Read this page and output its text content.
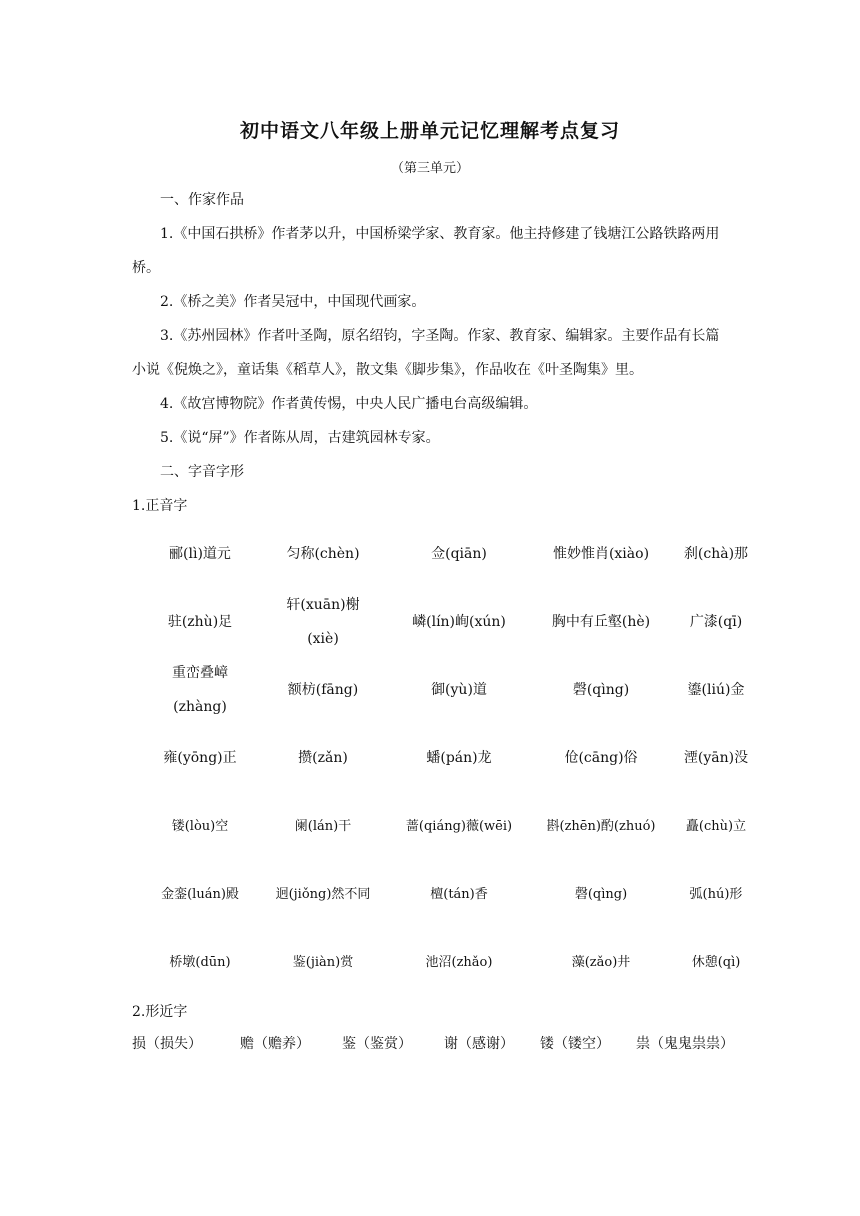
初中语文八年级上册单元记忆理解考点复习
（第三单元）
一、作家作品
1.《中国石拱桥》作者茅以升，中国桥梁学家、教育家。他主持修建了钱塘江公路铁路两用桥。
2.《桥之美》作者吴冠中，中国现代画家。
3.《苏州园林》作者叶圣陶，原名绍钧，字圣陶。作家、教育家、编辑家。主要作品有长篇小说《倪焕之》，童话集《稻草人》，散文集《脚步集》，作品收在《叶圣陶集》里。
4.《故宫博物院》作者黄传惕，中央人民广播电台高级编辑。
5.《说“屏”》作者陈从周，古建筑园林专家。
二、字音字形
1.正音字
郦(lì)道元	匀称(chèn)	佥(qiān)	惟妙惟肖(xiào)	刹(chà)那
驻(zhù)足	轩(xuān)榭(xiè)	嶙(lín)峋(xún)	胸中有丘壑(hè)	广漆(qī)
重峦叠嶂(zhàng)	额枋(fāng)	御(yù)道	磬(qìng)	鎏(liú)金
雍(yōng)正	攒(zǎn)	蟠(pán)龙	伧(cāng)俗	湮(yān)没
镂(lòu)空	阑(lán)干	蔷(qiáng)薇(wēi)	斟(zhēn)酌(zhuó)	矗(chù)立
金銮(luán)殿	迥(jiǒng)然不同	檀(tán)香	磬(qìng)	弧(hú)形
桥墩(dūn)	鉴(jiàn)赏	池沼(zhǎo)	藻(zǎo)井	休憩(qì)
2.形近字
损（损失）	赡（赡养）	鉴（鉴赏）	谢（感谢）	镂（镂空）	祟（鬼鬼祟祟）
